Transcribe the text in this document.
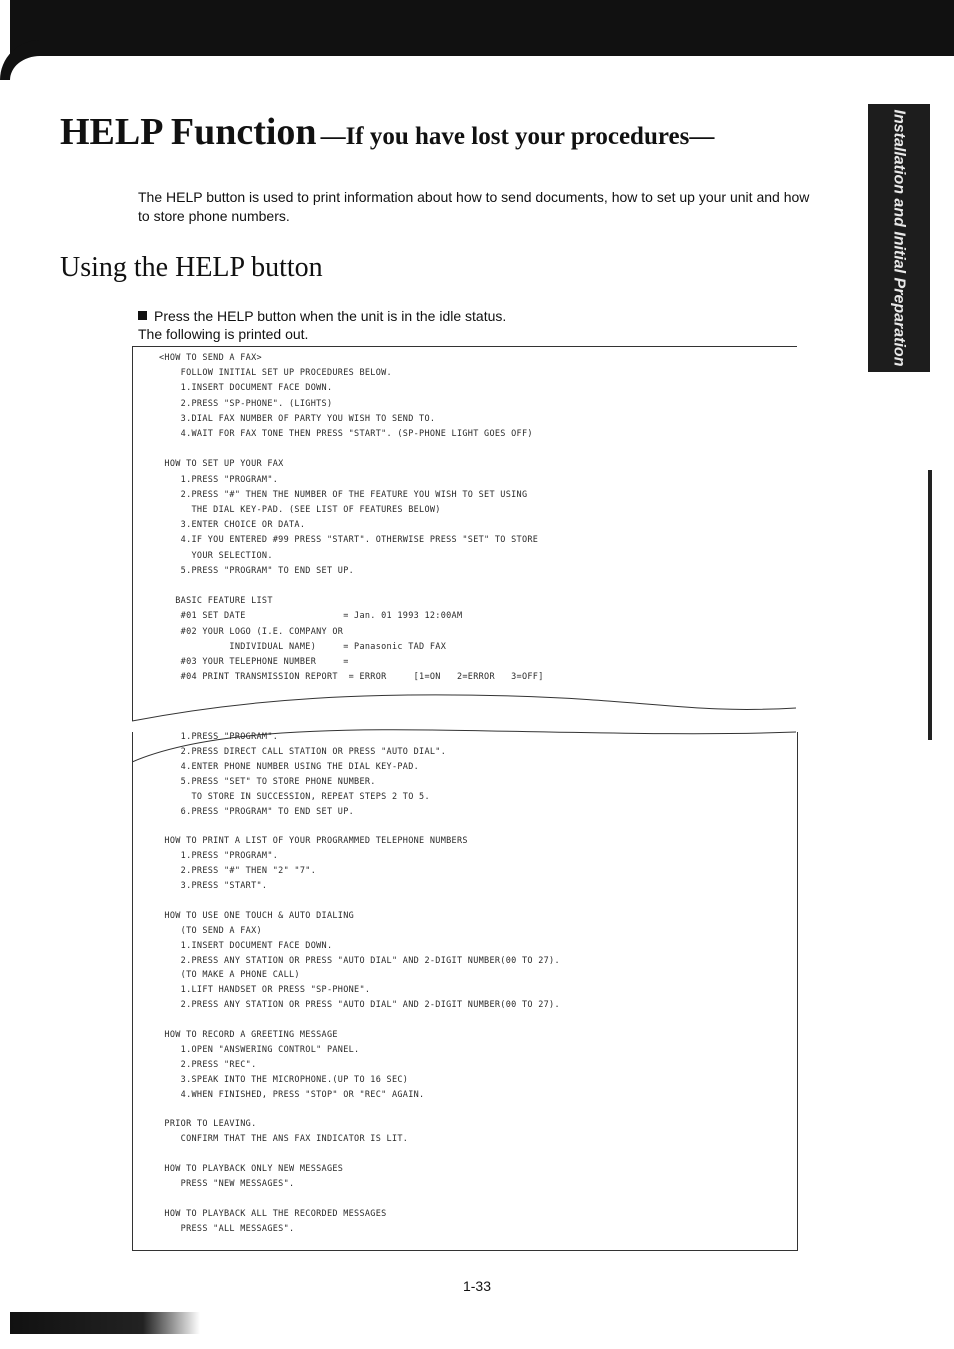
Installation and Initial Preparation
HELP Function —If you have lost your procedures—
The HELP button is used to print information about how to send documents, how to set up your unit and how to store phone numbers.
Using the HELP button
Press the HELP button when the unit is in the idle status.
The following is printed out.
<HOW TO SEND A FAX>
FOLLOW INITIAL SET UP PROCEDURES BELOW.
1.INSERT DOCUMENT FACE DOWN.
2.PRESS "SP-PHONE". (LIGHTS)
3.DIAL FAX NUMBER OF PARTY YOU WISH TO SEND TO.
4.WAIT FOR FAX TONE THEN PRESS "START". (SP-PHONE LIGHT GOES OFF)
HOW TO SET UP YOUR FAX
1.PRESS "PROGRAM".
2.PRESS "#" THEN THE NUMBER OF THE FEATURE YOU WISH TO SET USING
THE DIAL KEY-PAD. (SEE LIST OF FEATURES BELOW)
3.ENTER CHOICE OR DATA.
4.IF YOU ENTERED #99 PRESS "START". OTHERWISE PRESS "SET" TO STORE
YOUR SELECTION.
5.PRESS "PROGRAM" TO END SET UP.
BASIC FEATURE LIST
#01 SET DATE                  = Jan. 01 1993 12:00AM
#02 YOUR LOGO (I.E. COMPANY OR
INDIVIDUAL NAME)     = Panasonic TAD FAX
#03 YOUR TELEPHONE NUMBER     =
#04 PRINT TRANSMISSION REPORT  = ERROR     [1=ON   2=ERROR   3=OFF]
1.PRESS "PROGRAM".
2.PRESS DIRECT CALL STATION OR PRESS "AUTO DIAL".
4.ENTER PHONE NUMBER USING THE DIAL KEY-PAD.
5.PRESS "SET" TO STORE PHONE NUMBER.
TO STORE IN SUCCESSION, REPEAT STEPS 2 TO 5.
6.PRESS "PROGRAM" TO END SET UP.
HOW TO PRINT A LIST OF YOUR PROGRAMMED TELEPHONE NUMBERS
1.PRESS "PROGRAM".
2.PRESS "#" THEN "2" "7".
3.PRESS "START".
HOW TO USE ONE TOUCH & AUTO DIALING
(TO SEND A FAX)
1.INSERT DOCUMENT FACE DOWN.
2.PRESS ANY STATION OR PRESS "AUTO DIAL" AND 2-DIGIT NUMBER(00 TO 27).
(TO MAKE A PHONE CALL)
1.LIFT HANDSET OR PRESS "SP-PHONE".
2.PRESS ANY STATION OR PRESS "AUTO DIAL" AND 2-DIGIT NUMBER(00 TO 27).
HOW TO RECORD A GREETING MESSAGE
1.OPEN "ANSWERING CONTROL" PANEL.
2.PRESS "REC".
3.SPEAK INTO THE MICROPHONE.(UP TO 16 SEC)
4.WHEN FINISHED, PRESS "STOP" OR "REC" AGAIN.
PRIOR TO LEAVING.
CONFIRM THAT THE ANS FAX INDICATOR IS LIT.
HOW TO PLAYBACK ONLY NEW MESSAGES
PRESS "NEW MESSAGES".
HOW TO PLAYBACK ALL THE RECORDED MESSAGES
PRESS "ALL MESSAGES".
1-33
